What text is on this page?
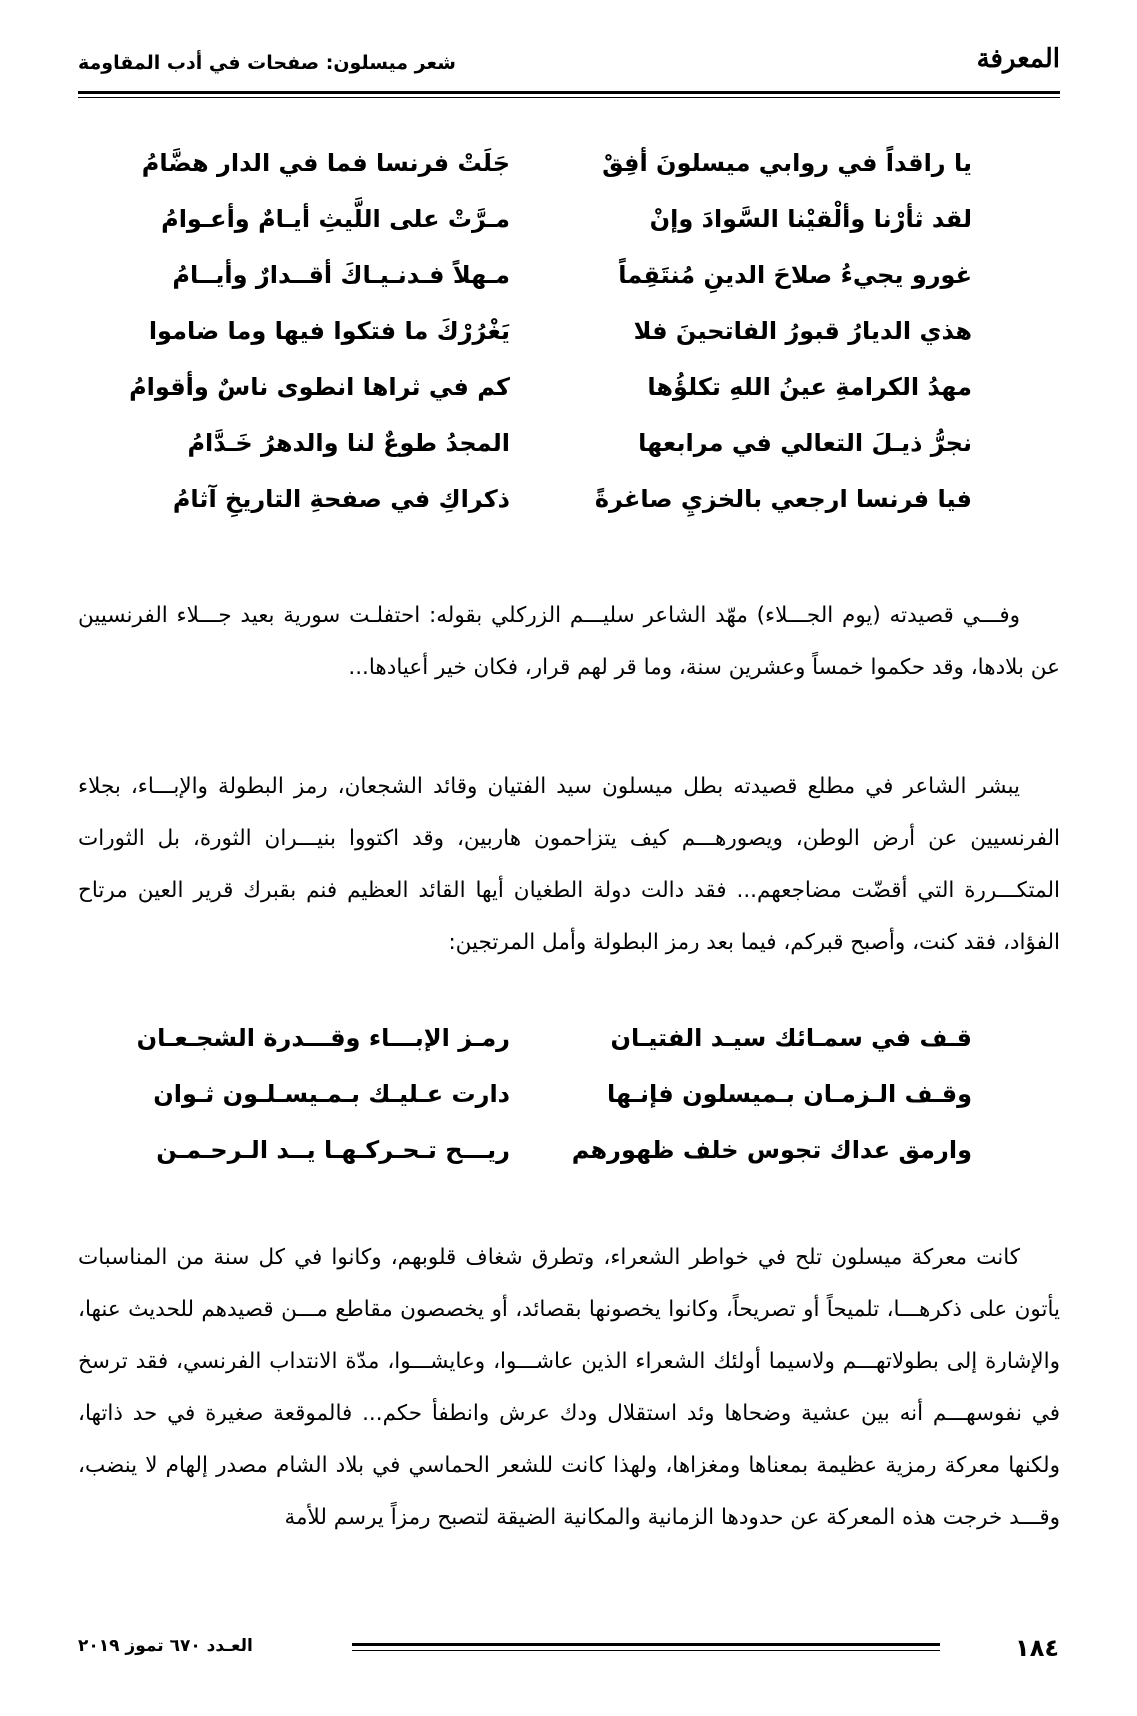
المعرفة
شعر ميسلون: صفحات في أدب المقاومة
يا راقداً في روابي ميسلونَ أفِقْ
جَلَتْ فرنسا فما في الدار هضَّامُ
لقد ثأرْنا وألْقيْنا السَّوادَ وإنْ
مـرَّتْ على اللَّيثِ أيـامٌ وأعـوامُ
غورو يجيءُ صلاحَ الدينِ مُنتَقِماً
مـهلاً فـدنـيـاكَ أقــدارٌ وأيــامُ
هذي الديارُ قبورُ الفاتحينَ فلا
يَغْرُرْكَ ما فتكوا فيها وما ضاموا
مهدُ الكرامةِ عينُ اللهِ تكلؤُها
كم في ثراها انطوى ناسٌ وأقوامُ
نجرُّ ذيـلَ التعالي في مرابعها
المجدُ طوعٌ لنا والدهرُ خَـدَّامُ
فيا فرنسا ارجعي بالخزيِ صاغرةً
ذكراكِ في صفحةِ التاريخِ آثامُ

وفـــي قصيدته (يوم الجـــلاء) مهّد الشاعر سليـــم الزركلي بقوله: احتفلـت سورية بعيد جـــلاء الفرنسيين عن بلادها، وقد حكموا خمساً وعشرين سنة، وما قر لهم قرار، فكان خير أعيادها...

يبشر الشاعر في مطلع قصيدته بطل ميسلون سيد الفتيان وقائد الشجعان، رمز البطولة والإبـــاء، بجلاء الفرنسيين عن أرض الوطن، ويصورهـــم كيف يتزاحمون هاربين، وقد اكتووا بنيـــران الثورة، بل الثورات المتكـــررة التي أقضّت مضاجعهم... فقد دالت دولة الطغيان أيها القائد العظيم فنم بقبرك قرير العين مرتاح الفؤاد، فقد كنت، وأصبح قبركم، فيما بعد رمز البطولة وأمل المرتجين:

قـف في سمـائك سيـد الفتيـان
رمـز الإبـــاء وقـــدرة الشجـعـان
وقـف الـزمـان بـميسلون فإنـها
دارت عـليـك بـمـيسـلـون ثـوان
وارمق عداك تجوس خلف ظهورهم
ريـــح تـحـركـهـا يــد الـرحـمـن

كانت معركة ميسلون تلح في خواطر الشعراء، وتطرق شغاف قلوبهم، وكانوا في كل سنة من المناسبات يأتون على ذكرهـــا، تلميحاً أو تصريحاً، وكانوا يخصونها بقصائد، أو يخصصون مقاطع مـــن قصيدهم للحديث عنها، والإشارة إلى بطولاتهـــم ولاسيما أولئك الشعراء الذين عاشـــوا، وعايشـــوا، مدّة الانتداب الفرنسي، فقد ترسخ في نفوسهـــم أنه بين عشية وضحاها وئد استقلال ودك عرش وانطفأ حكم... فالموقعة صغيرة في حد ذاتها، ولكنها معركة رمزية عظيمة بمعناها ومغزاها، ولهذا كانت للشعر الحماسي في بلاد الشام مصدر إلهام لا ينضب، وقـــد خرجت هذه المعركة عن حدودها الزمانية والمكانية الضيقة لتصبح رمزاً يرسم للأمة

١٨٤
العـدد ٦٧٠ تموز ٢٠١٩
